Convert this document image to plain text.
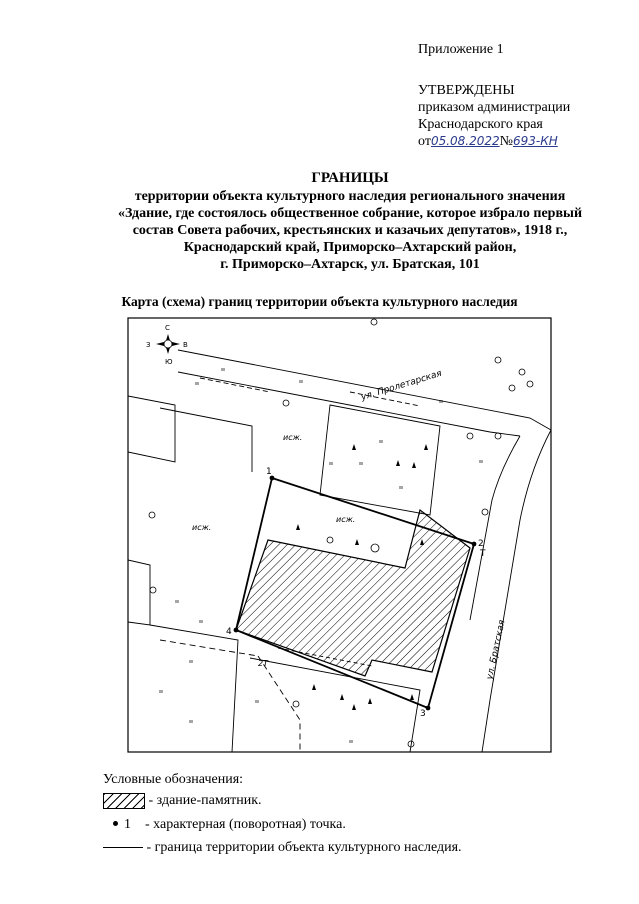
Приложение 1
УТВЕРЖДЕНЫ
приказом администрации
Краснодарского края
от05.08.2022№693-КН
ГРАНИЦЫ
территории объекта культурного наследия регионального значения
«Здание, где состоялось общественное собрание, которое избрало первый
состав Совета рабочих, крестьянских и казачьих депутатов», 1918 г.,
Краснодарский край, Приморско–Ахтарский район,
г. Приморско–Ахтарск, ул. Братская, 101
Карта (схема) границ территории объекта культурного наследия
1
2
3
4
ул. Пролетарская
ул. Братская
исж.
исж.
исж.
2Т
Т
С
Ю
З	В
Условные обозначения:
- здание-памятник.
1 - характерная (поворотная) точка.
- граница территории объекта культурного наследия.
